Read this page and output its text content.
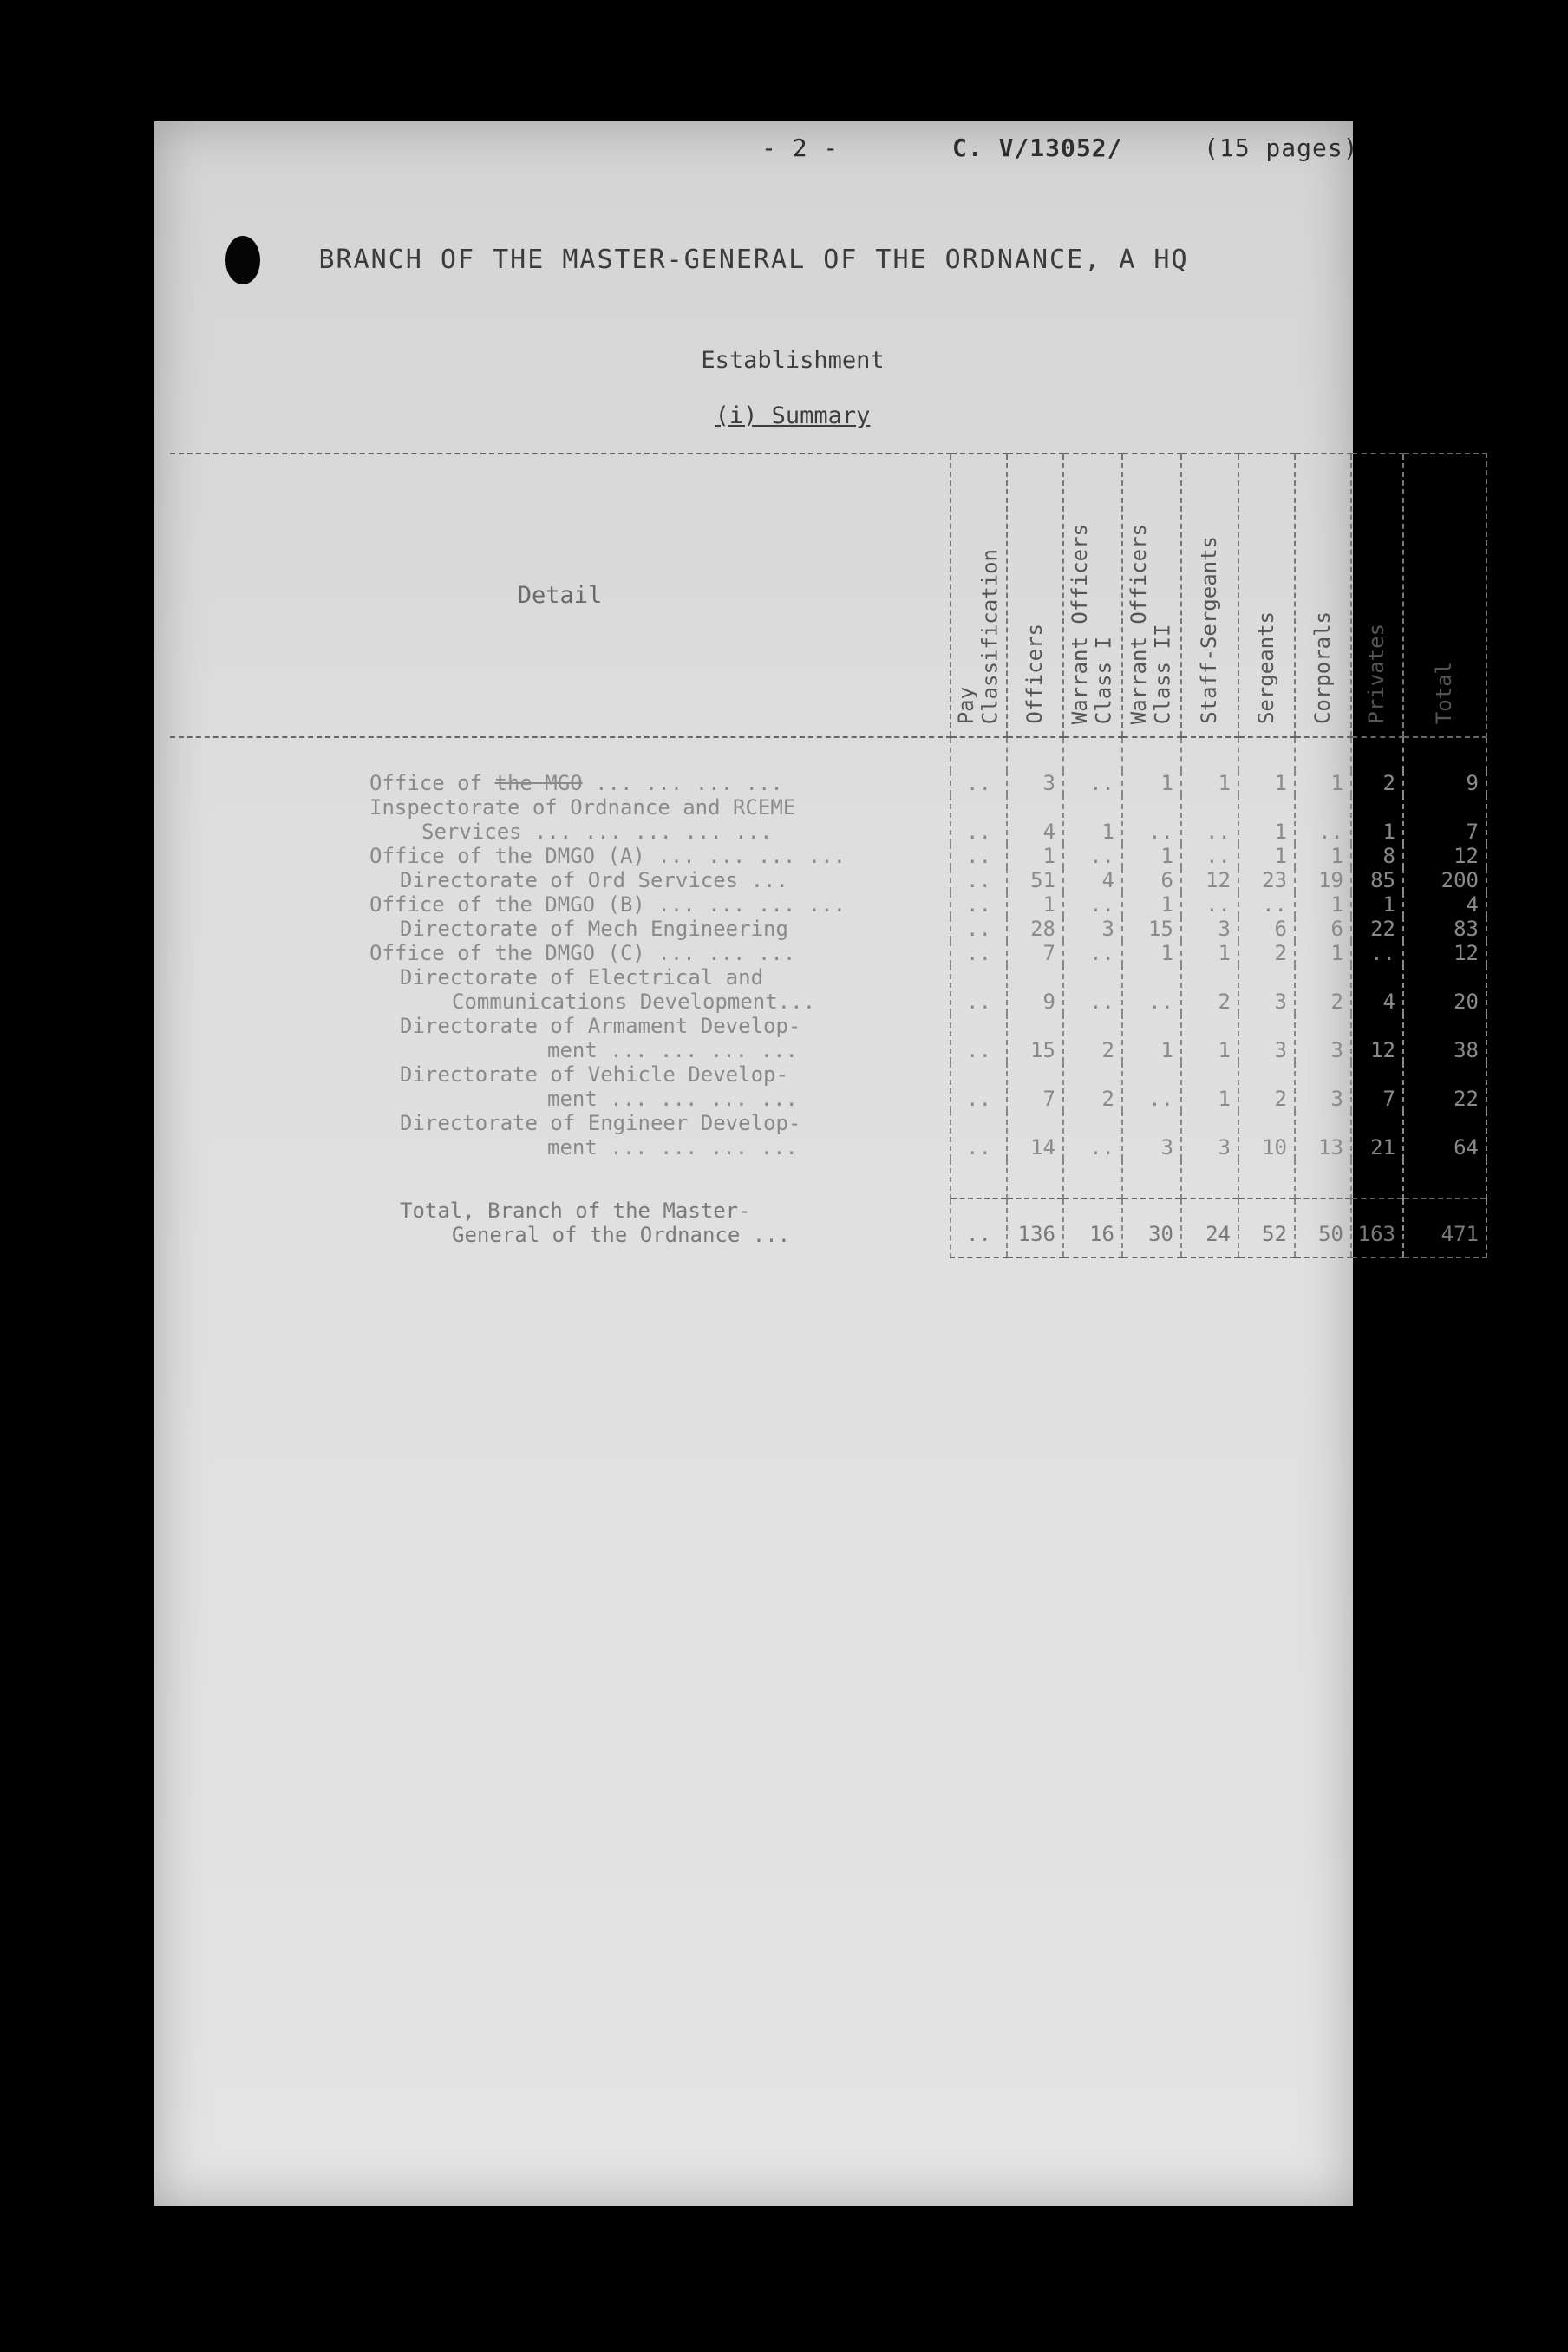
- 2 -	C. V/13052/	(15 pages)
BRANCH OF THE MASTER-GENERAL OF THE ORDNANCE, A HQ
Establishment
(i) Summary
Detail	Pay
Classification	Officers	Warrant Officers
Class I	Warrant Officers
Class II	Staff-Sergeants	Sergeants	Corporals	Privates	Total

Office of the MGO ... ... ... ...	..	3	..	1	1	1	1	2	9

Inspectorate of Ordnance and RCEME
Services ... ... ... ... ...	..	4	1	..	..	1	..	1	7
Office of the DMGO (A) ... ... ... ...	..	1	..	1	..	1	1	8	12
Directorate of Ord Services ...	..	51	4	6	12	23	19	85	200
Office of the DMGO (B) ... ... ... ...	..	1	..	1	..	..	1	1	4
Directorate of Mech Engineering	..	28	3	15	3	6	6	22	83
Office of the DMGO (C) ... ... ...	..	7	..	1	1	2	1	..	12

Directorate of Electrical and
Communications Development...	..	9	..	..	2	3	2	4	20

Directorate of Armament Develop-
ment ... ... ... ...	..	15	2	1	1	3	3	12	38

Directorate of Vehicle Develop-
ment ... ... ... ...	..	7	2	..	1	2	3	7	22

Directorate of Engineer Develop-
ment ... ... ... ...	..	14	..	3	3	10	13	21	64

Total, Branch of the Master-
General of the Ordnance ...	..	136	16	30	24	52	50	163	471
